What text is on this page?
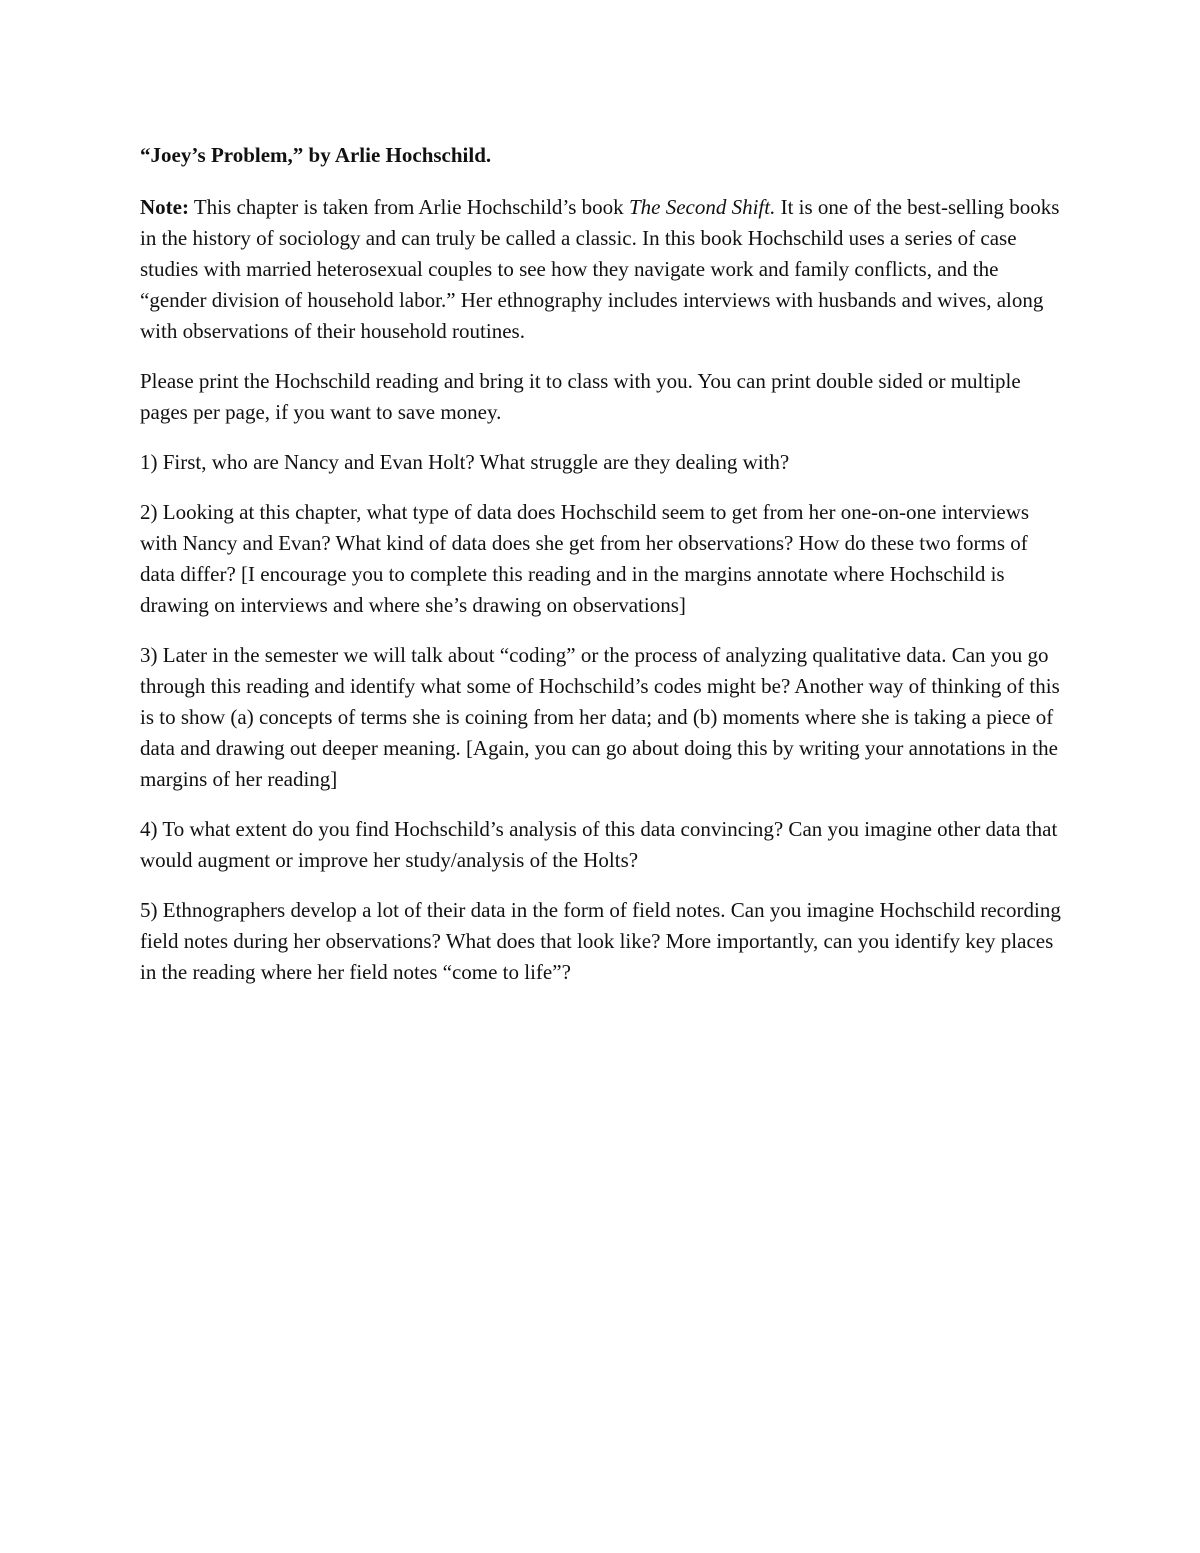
“Joey’s Problem,” by Arlie Hochschild.

Note: This chapter is taken from Arlie Hochschild’s book The Second Shift. It is one of the best-selling books in the history of sociology and can truly be called a classic. In this book Hochschild uses a series of case studies with married heterosexual couples to see how they navigate work and family conflicts, and the “gender division of household labor.” Her ethnography includes interviews with husbands and wives, along with observations of their household routines.

Please print the Hochschild reading and bring it to class with you. You can print double sided or multiple pages per page, if you want to save money.

1) First, who are Nancy and Evan Holt? What struggle are they dealing with?

2) Looking at this chapter, what type of data does Hochschild seem to get from her one-on-one interviews with Nancy and Evan? What kind of data does she get from her observations? How do these two forms of data differ? [I encourage you to complete this reading and in the margins annotate where Hochschild is drawing on interviews and where she’s drawing on observations]

3) Later in the semester we will talk about “coding” or the process of analyzing qualitative data. Can you go through this reading and identify what some of Hochschild’s codes might be? Another way of thinking of this is to show (a) concepts of terms she is coining from her data; and (b) moments where she is taking a piece of data and drawing out deeper meaning. [Again, you can go about doing this by writing your annotations in the margins of her reading]

4) To what extent do you find Hochschild’s analysis of this data convincing? Can you imagine other data that would augment or improve her study/analysis of the Holts?

5) Ethnographers develop a lot of their data in the form of field notes. Can you imagine Hochschild recording field notes during her observations? What does that look like? More importantly, can you identify key places in the reading where her field notes “come to life”?
